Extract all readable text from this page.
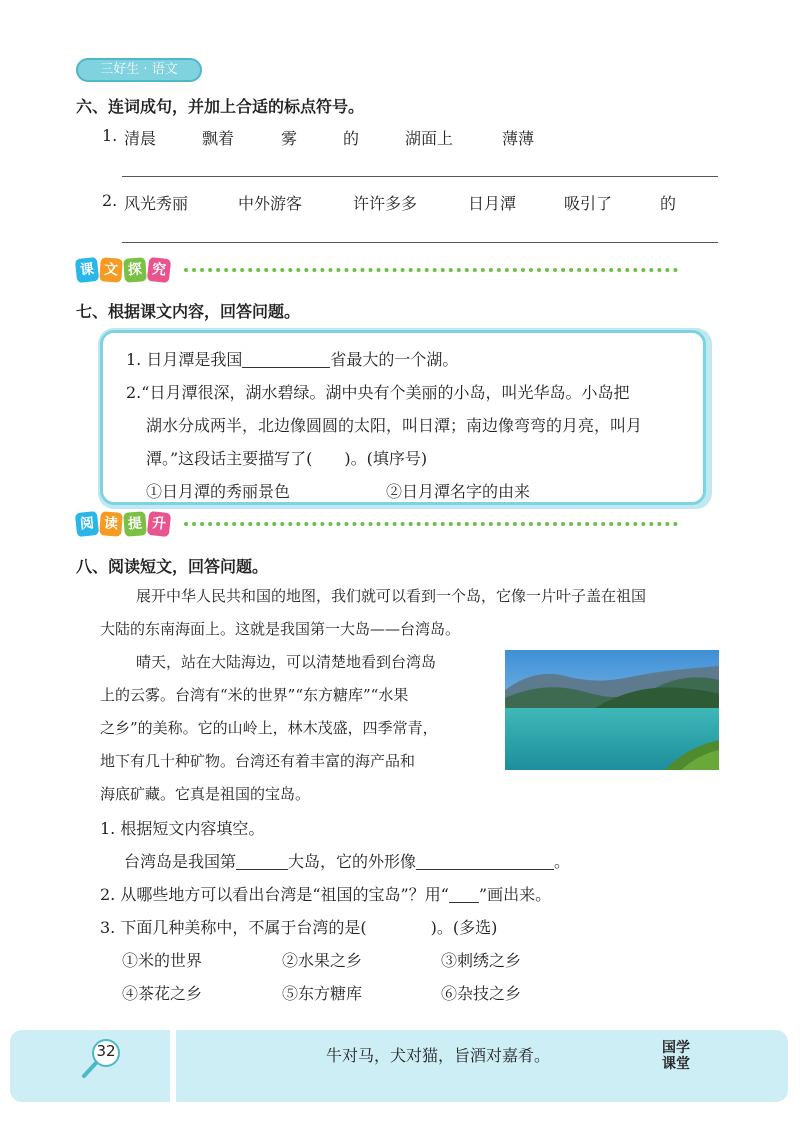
三好生 · 语文
六、连词成句，并加上合适的标点符号。
1. 清晨	飘着	雾	的	湖面上	薄薄
2. 风光秀丽	中外游客	许许多多	日月潭	吸引了	的
课 文 探 究
七、根据课文内容，回答问题。
1. 日月潭是我国	省最大的一个湖。
2.“日月潭很深，湖水碧绿。湖中央有个美丽的小岛，叫光华岛。小岛把
湖水分成两半，北边像圆圆的太阳，叫日潭；南边像弯弯的月亮，叫月
潭。”这段话主要描写了(　　)。(填序号)
①日月潭的秀丽景色	②日月潭名字的由来
阅 读 提 升
八、阅读短文，回答问题。
展开中华人民共和国的地图，我们就可以看到一个岛，它像一片叶子盖在祖国
大陆的东南海面上。这就是我国第一大岛——台湾岛。
晴天，站在大陆海边，可以清楚地看到台湾岛
上的云雾。台湾有“米的世界”“东方糖库”“水果
之乡”的美称。它的山岭上，林木茂盛，四季常青，
地下有几十种矿物。台湾还有着丰富的海产品和
海底矿藏。它真是祖国的宝岛。
1. 根据短文内容填空。
台湾岛是我国第	大岛，它的外形像	。
2. 从哪些地方可以看出台湾是“祖国的宝岛”？用“ ”画出来。
3. 下面几种美称中，不属于台湾的是(　　　　)。(多选)
①米的世界	②水果之乡	③刺绣之乡
④茶花之乡	⑤东方糖库	⑥杂技之乡
32	牛对马，犬对猫，旨酒对嘉肴。	国学
课堂
